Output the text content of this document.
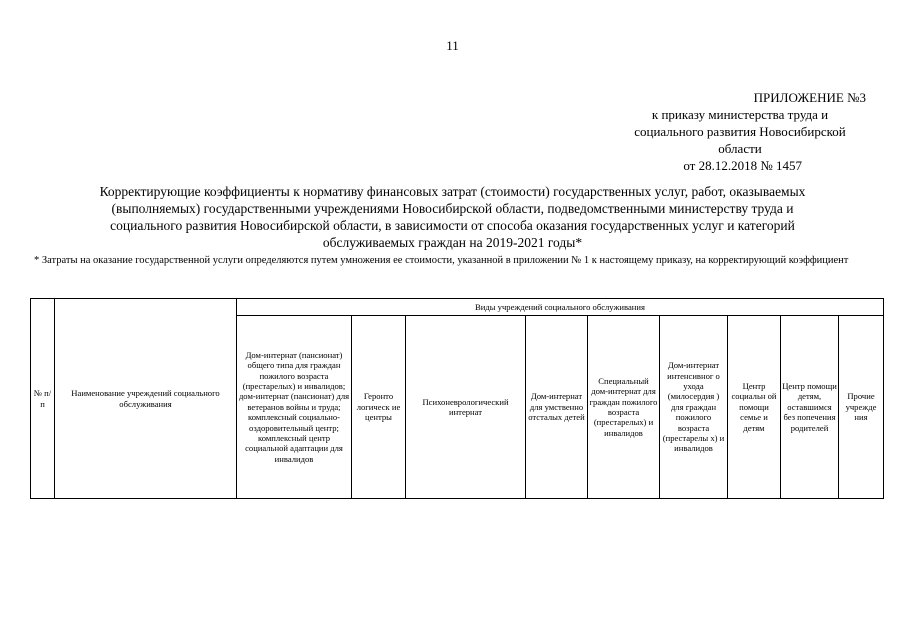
11
ПРИЛОЖЕНИЕ №3
к приказу министерства труда и
социального развития Новосибирской
области
от 28.12.2018 № 1457
Корректирующие коэффициенты к нормативу финансовых затрат (стоимости) государственных услуг, работ, оказываемых
(выполняемых) государственными учреждениями Новосибирской области, подведомственными министерству труда и
социального развития Новосибирской области, в зависимости от способа оказания государственных услуг и категорий
обслуживаемых граждан на 2019-2021 годы*
* Затраты на оказание государственной услуги определяются путем умножения ее стоимости, указанной в приложении № 1 к настоящему приказу, на корректирующий коэффициент
№ п/п	Наименование учреждений социального обслуживания	Виды учреждений социального обслуживания								
		Дом-интернат (пансионат) общего типа для граждан пожилого возраста (престарелых) и инвалидов; дом-интернат (пансионат) для ветеранов войны и труда; комплексный социально-оздоровительный центр; комплексный центр социальной адаптации для инвалидов	Геронто логическ ие центры	Психоневрологический интернат	Дом-интернат для умственно отсталых детей	Специальный дом-интернат для граждан пожилого возраста (престарелых) и инвалидов	Дом-интернат интенсивног о ухода (милосердия ) для граждан пожилого возраста (престарелы х) и инвалидов	Центр социальн ой помощи семье и детям	Центр помощи детям, оставшимся без попечения родителей	Прочие учрежде ния
